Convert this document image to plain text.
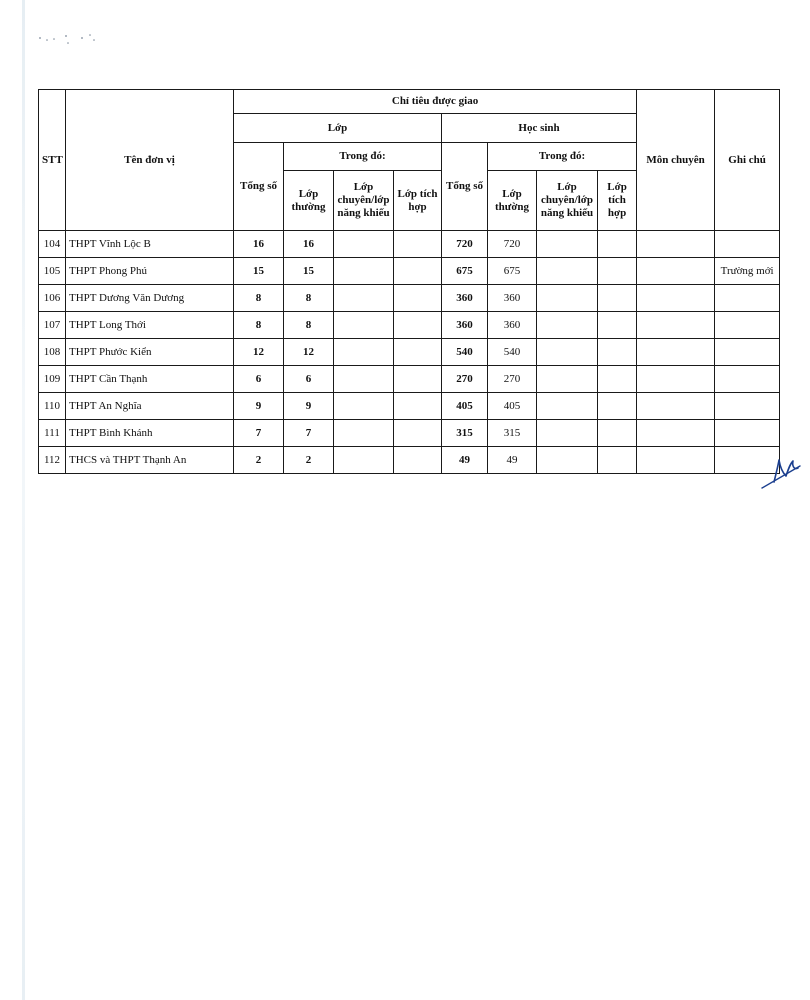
STT	Tên đơn vị	Chỉ tiêu được giao								Môn chuyên	Ghi chú
		Lớp				Học sinh					
		Tổng số	Trong đó:			Tổng số	Trong đó:				
			Lớp thường	Lớp chuyên/lớp năng khiếu	Lớp tích hợp		Lớp thường	Lớp chuyên/lớp năng khiếu	Lớp tích hợp		
104	THPT Vĩnh Lộc B	16	16			720	720				
105	THPT Phong Phú	15	15			675	675				Trường mới
106	THPT Dương Văn Dương	8	8			360	360				
107	THPT Long Thới	8	8			360	360				
108	THPT Phước Kiển	12	12			540	540				
109	THPT Cần Thạnh	6	6			270	270				
110	THPT An Nghĩa	9	9			405	405				
111	THPT Bình Khánh	7	7			315	315				
112	THCS và THPT Thạnh An	2	2			49	49				
